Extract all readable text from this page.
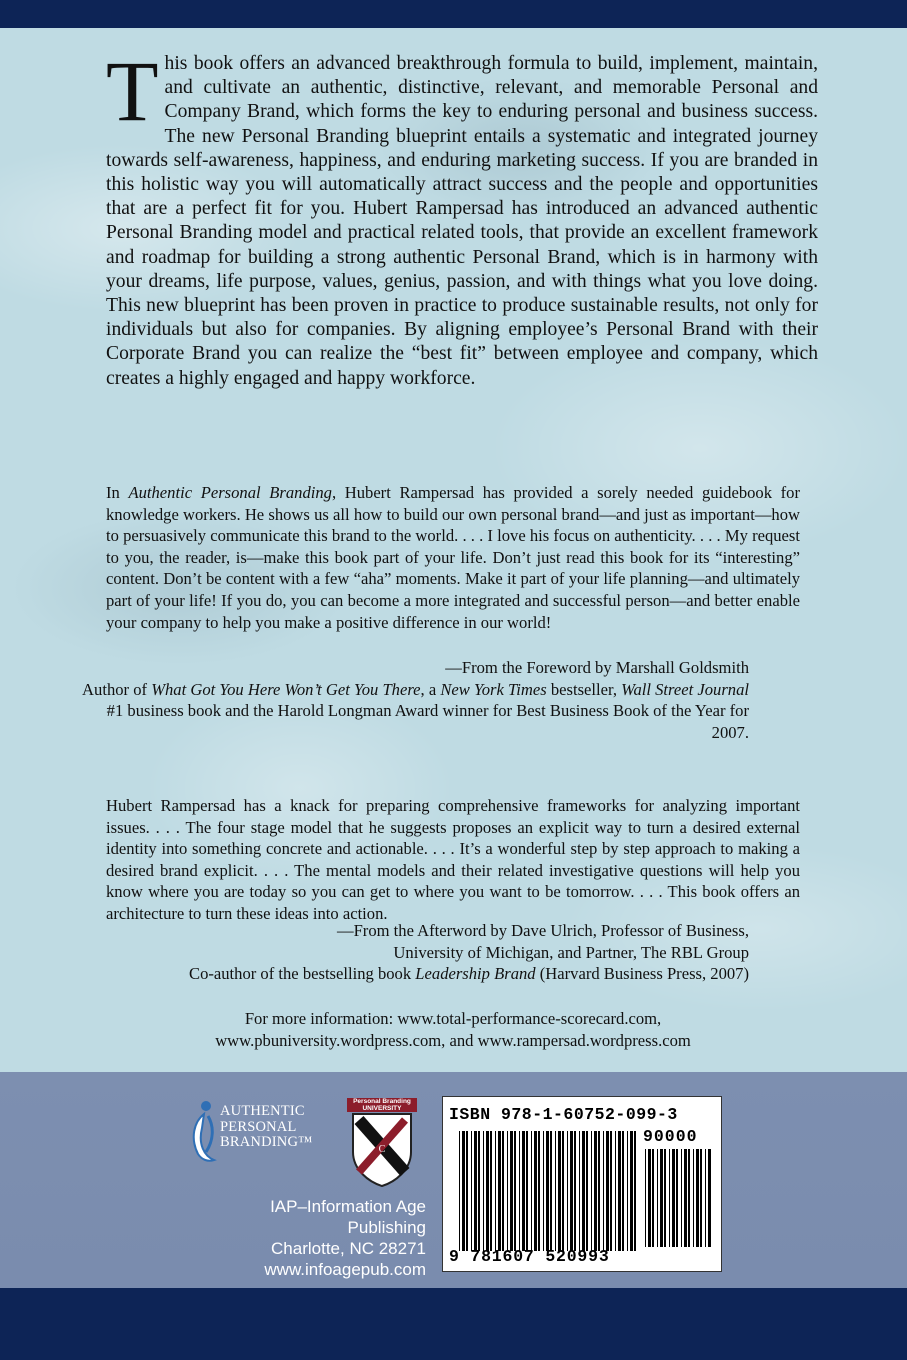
This book offers an advanced breakthrough formula to build, implement, maintain, and cultivate an authentic, distinctive, relevant, and memorable Personal and Company Brand, which forms the key to enduring personal and business success. The new Personal Branding blueprint entails a systematic and integrated journey towards self-awareness, happiness, and enduring marketing success. If you are branded in this holistic way you will automatically attract success and the people and opportunities that are a perfect fit for you. Hubert Rampersad has introduced an advanced authentic Personal Branding model and practical related tools, that provide an excellent framework and roadmap for building a strong authentic Personal Brand, which is in harmony with your dreams, life purpose, values, genius, passion, and with things what you love doing. This new blueprint has been proven in practice to produce sustainable results, not only for individuals but also for companies. By aligning employee’s Personal Brand with their Corporate Brand you can realize the “best fit” between employee and company, which creates a highly engaged and happy workforce.

In Authentic Personal Branding, Hubert Rampersad has provided a sorely needed guidebook for knowledge workers. He shows us all how to build our own personal brand—and just as important—how to persuasively communicate this brand to the world. . . . I love his focus on authenticity. . . . My request to you, the reader, is—make this book part of your life. Don’t just read this book for its “interesting” content. Don’t be content with a few “aha” moments. Make it part of your life planning—and ultimately part of your life! If you do, you can become a more integrated and successful person—and better enable your company to help you make a positive difference in our world!

—From the Foreword by Marshall Goldsmith
Author of What Got You Here Won’t Get You There, a New York Times bestseller, Wall Street Journal #1 business book and the Harold Longman Award winner for Best Business Book of the Year for 2007.

Hubert Rampersad has a knack for preparing comprehensive frameworks for analyzing important issues. . . . The four stage model that he suggests proposes an explicit way to turn a desired external identity into something concrete and actionable. . . . It’s a wonderful step by step approach to making a desired brand explicit. . . . The mental models and their related investigative questions will help you know where you are today so you can get to where you want to be tomorrow. . . . This book offers an architecture to turn these ideas into action.

—From the Afterword by Dave Ulrich, Professor of Business,
University of Michigan, and Partner, The RBL Group
Co-author of the bestselling book Leadership Brand (Harvard Business Press, 2007)

For more information: www.total-performance-scorecard.com,
www.pbuniversity.wordpress.com, and www.rampersad.wordpress.com

AUTHENTIC
PERSONAL
BRANDING™
Personal Branding
UNIVERSITY
C

IAP–Information Age Publishing
Charlotte, NC 28271
www.infoagepub.com

ISBN 978-1-60752-099-3
90000
9 781607 520993
